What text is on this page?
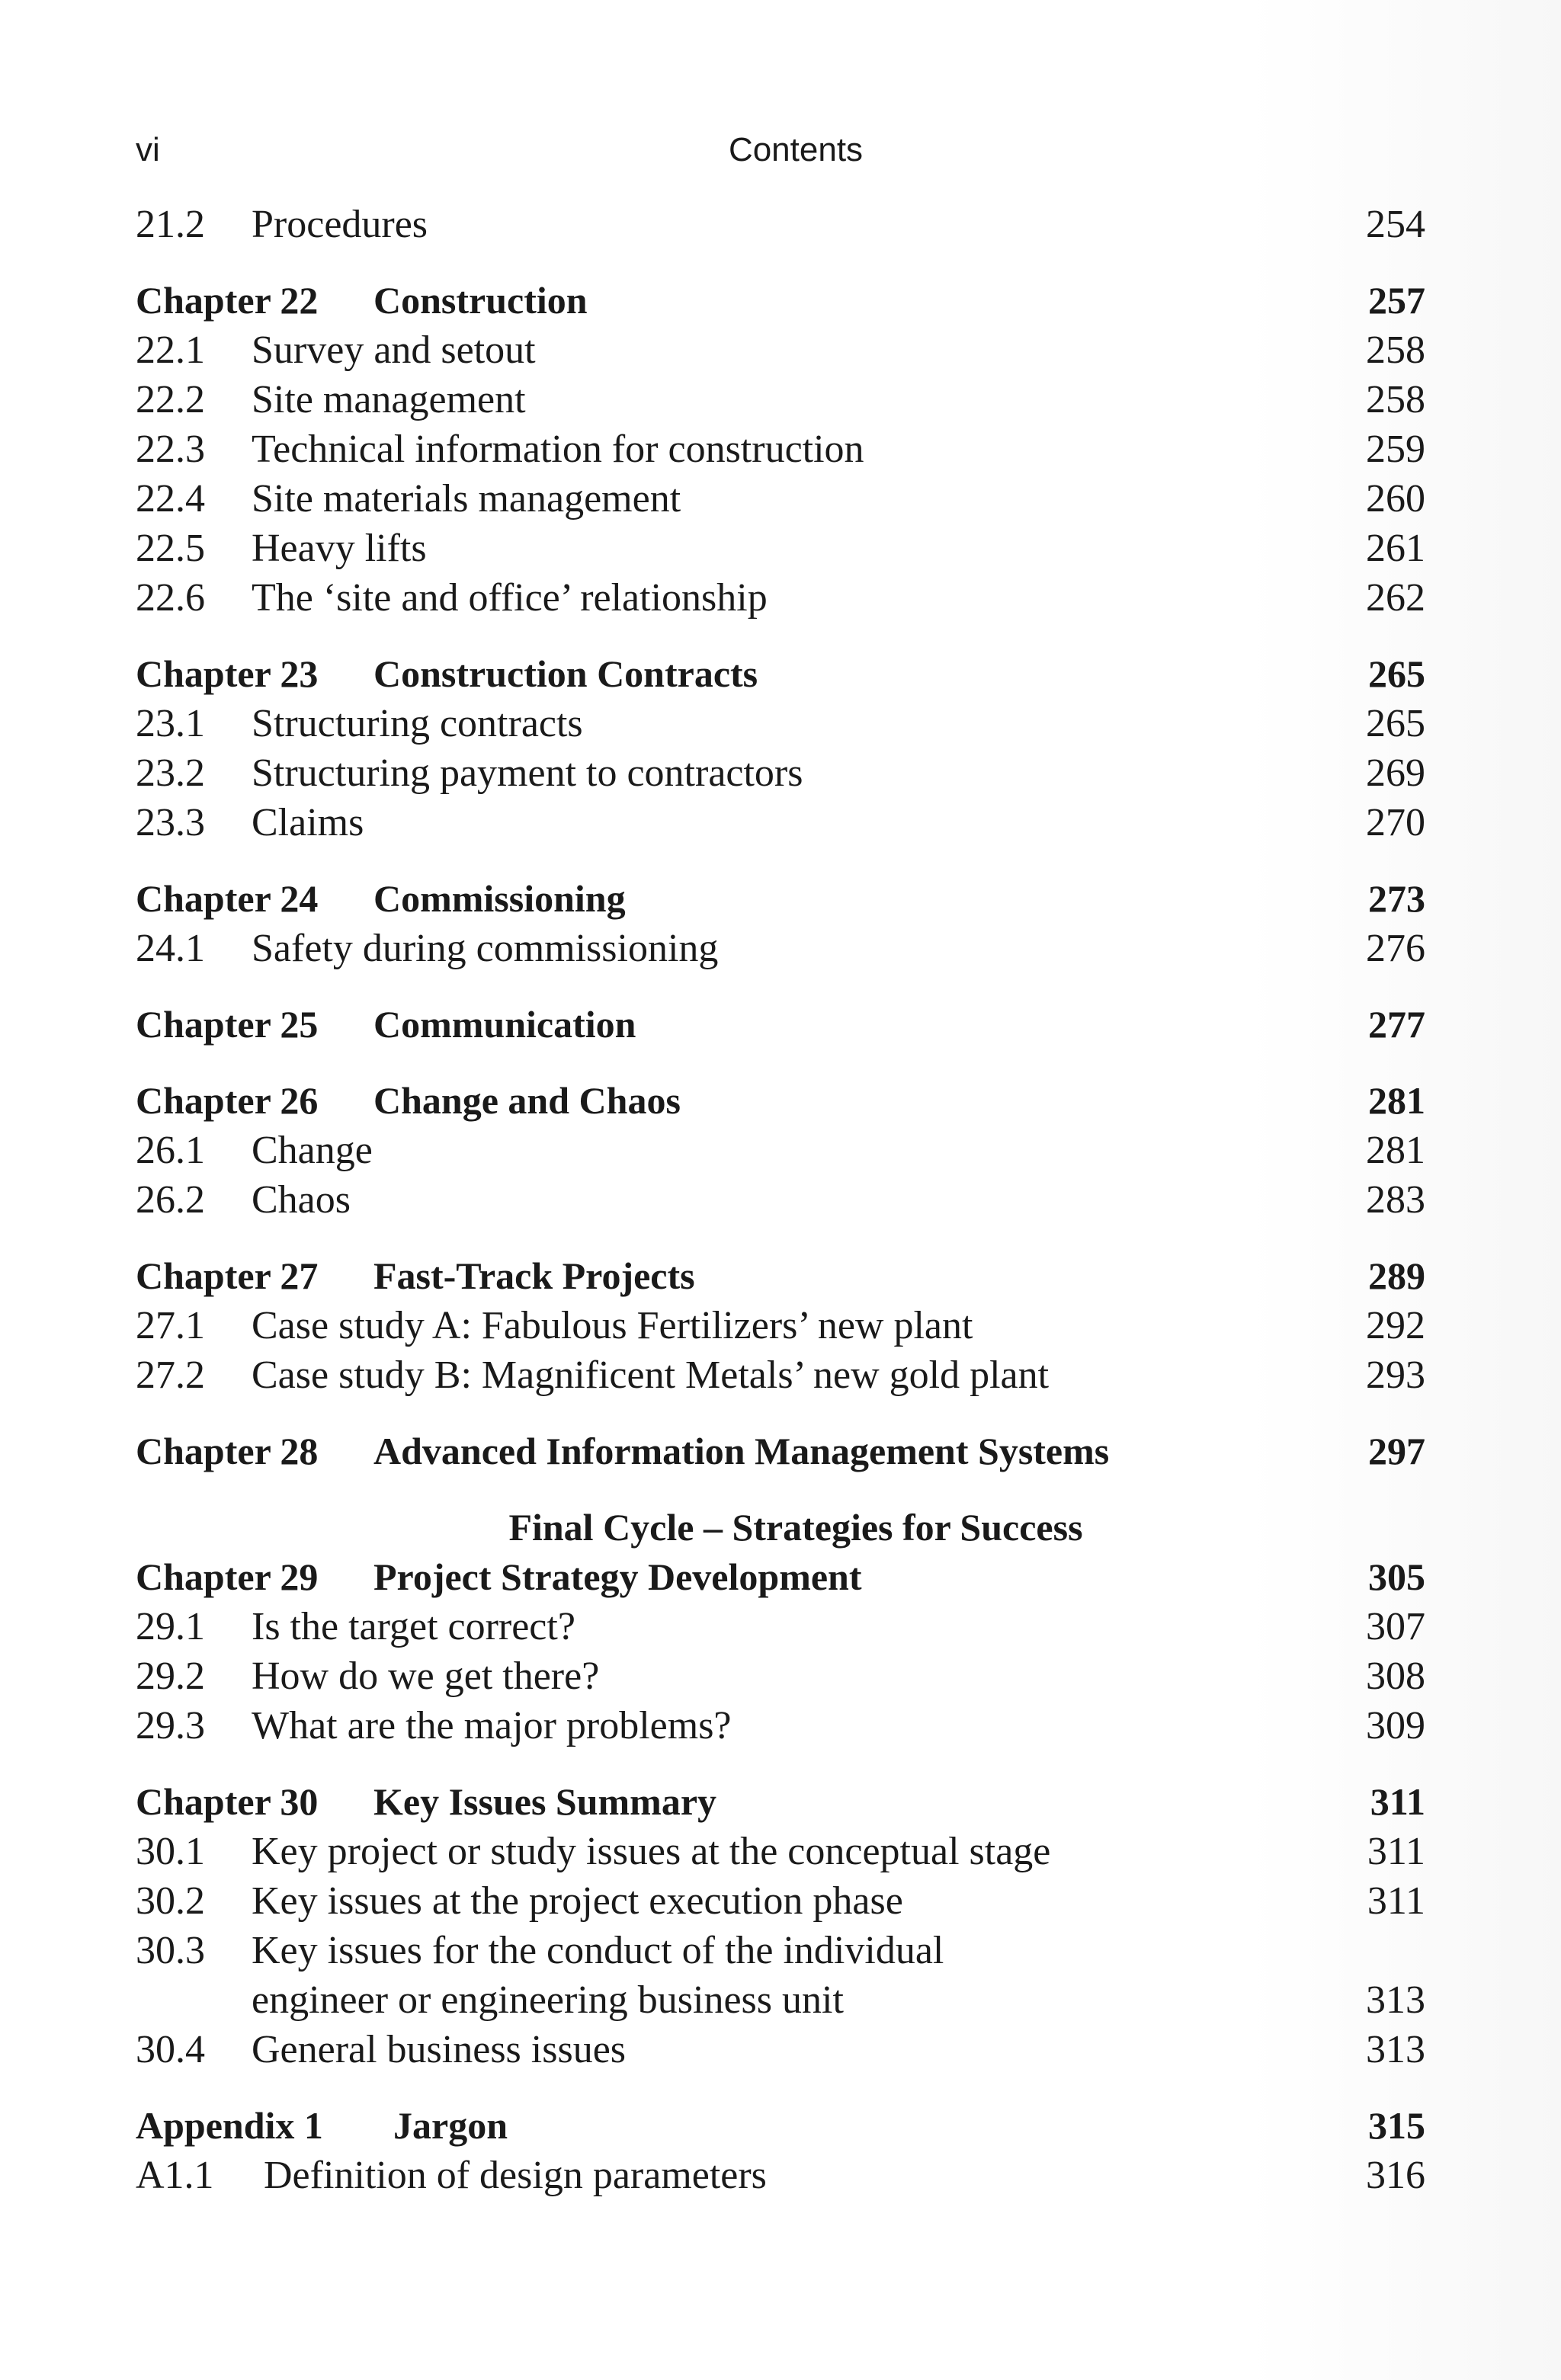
vi	Contents
21.2 Procedures	254
Chapter 22 Construction	257
22.1 Survey and setout	258
22.2 Site management	258
22.3 Technical information for construction	259
22.4 Site materials management	260
22.5 Heavy lifts	261
22.6 The ‘site and office’ relationship	262
Chapter 23 Construction Contracts	265
23.1 Structuring contracts	265
23.2 Structuring payment to contractors	269
23.3 Claims	270
Chapter 24 Commissioning	273
24.1 Safety during commissioning	276
Chapter 25 Communication	277
Chapter 26 Change and Chaos	281
26.1 Change	281
26.2 Chaos	283
Chapter 27 Fast-Track Projects	289
27.1 Case study A: Fabulous Fertilizers’ new plant	292
27.2 Case study B: Magnificent Metals’ new gold plant	293
Chapter 28 Advanced Information Management Systems	297
Final Cycle – Strategies for Success
Chapter 29 Project Strategy Development	305
29.1 Is the target correct?	307
29.2 How do we get there?	308
29.3 What are the major problems?	309
Chapter 30 Key Issues Summary	311
30.1 Key project or study issues at the conceptual stage	311
30.2 Key issues at the project execution phase	311
30.3 Key issues for the conduct of the individual
engineer or engineering business unit	313
30.4 General business issues	313
Appendix 1 Jargon	315
A1.1 Definition of design parameters	316
